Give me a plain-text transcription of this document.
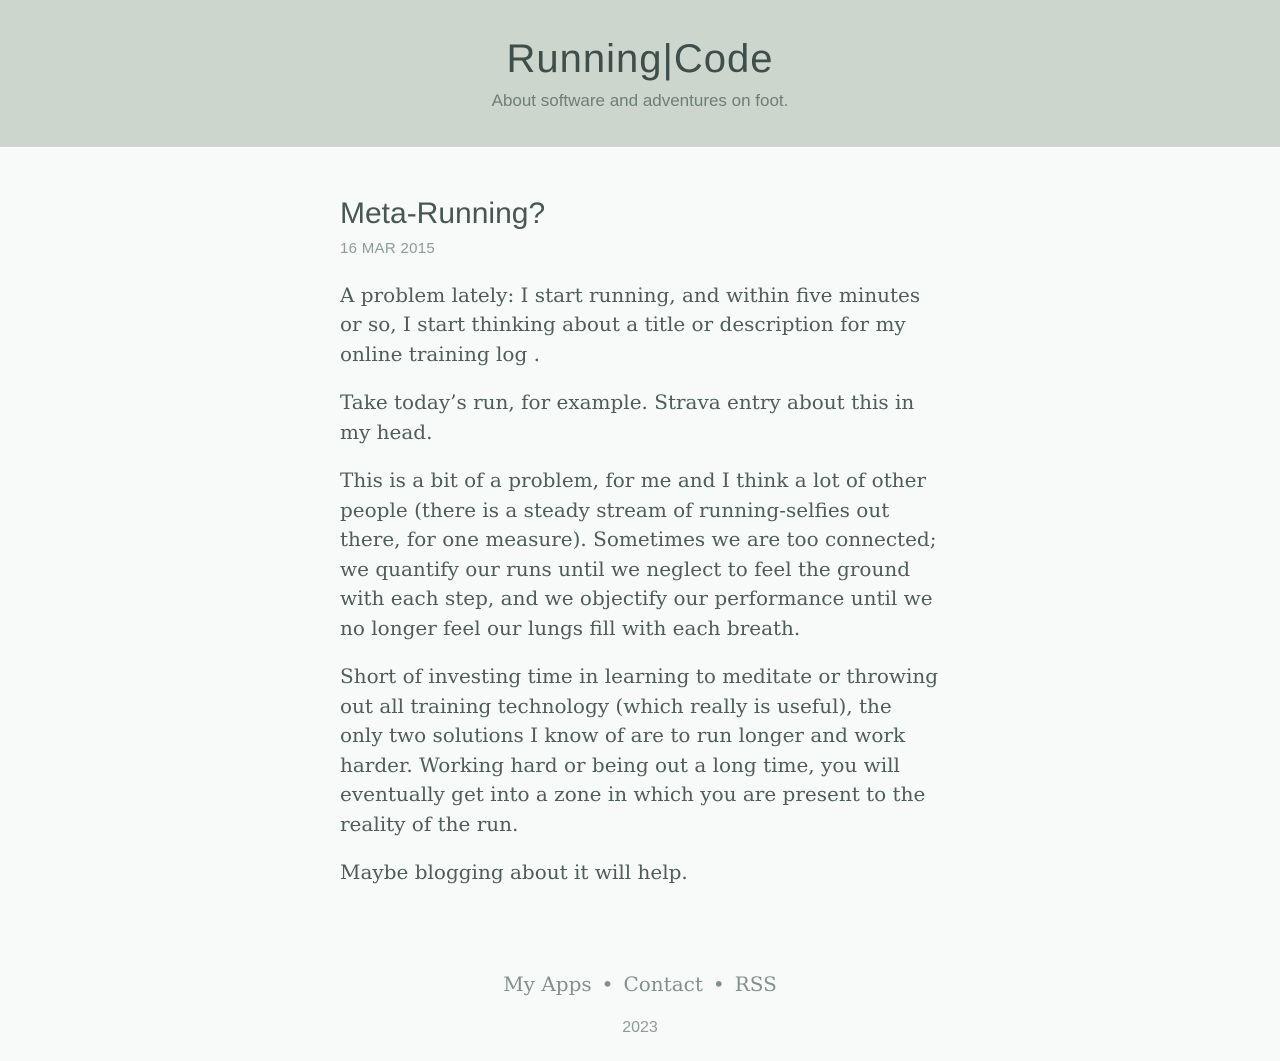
Running|Code

About software and adventures on foot.

Meta-Running?

16 MAR 2015

A problem lately: I start running, and within five minutes or so, I start thinking about a title or description for my online training log .

Take today’s run, for example. Strava entry about this in my head.

This is a bit of a problem, for me and I think a lot of other people (there is a steady stream of running-selfies out there, for one measure). Sometimes we are too connected; we quantify our runs until we neglect to feel the ground with each step, and we objectify our performance until we no longer feel our lungs fill with each breath.

Short of investing time in learning to meditate or throwing out all training technology (which really is useful), the only two solutions I know of are to run longer and work harder. Working hard or being out a long time, you will eventually get into a zone in which you are present to the reality of the run.

Maybe blogging about it will help.

My Apps • Contact • RSS
2023
